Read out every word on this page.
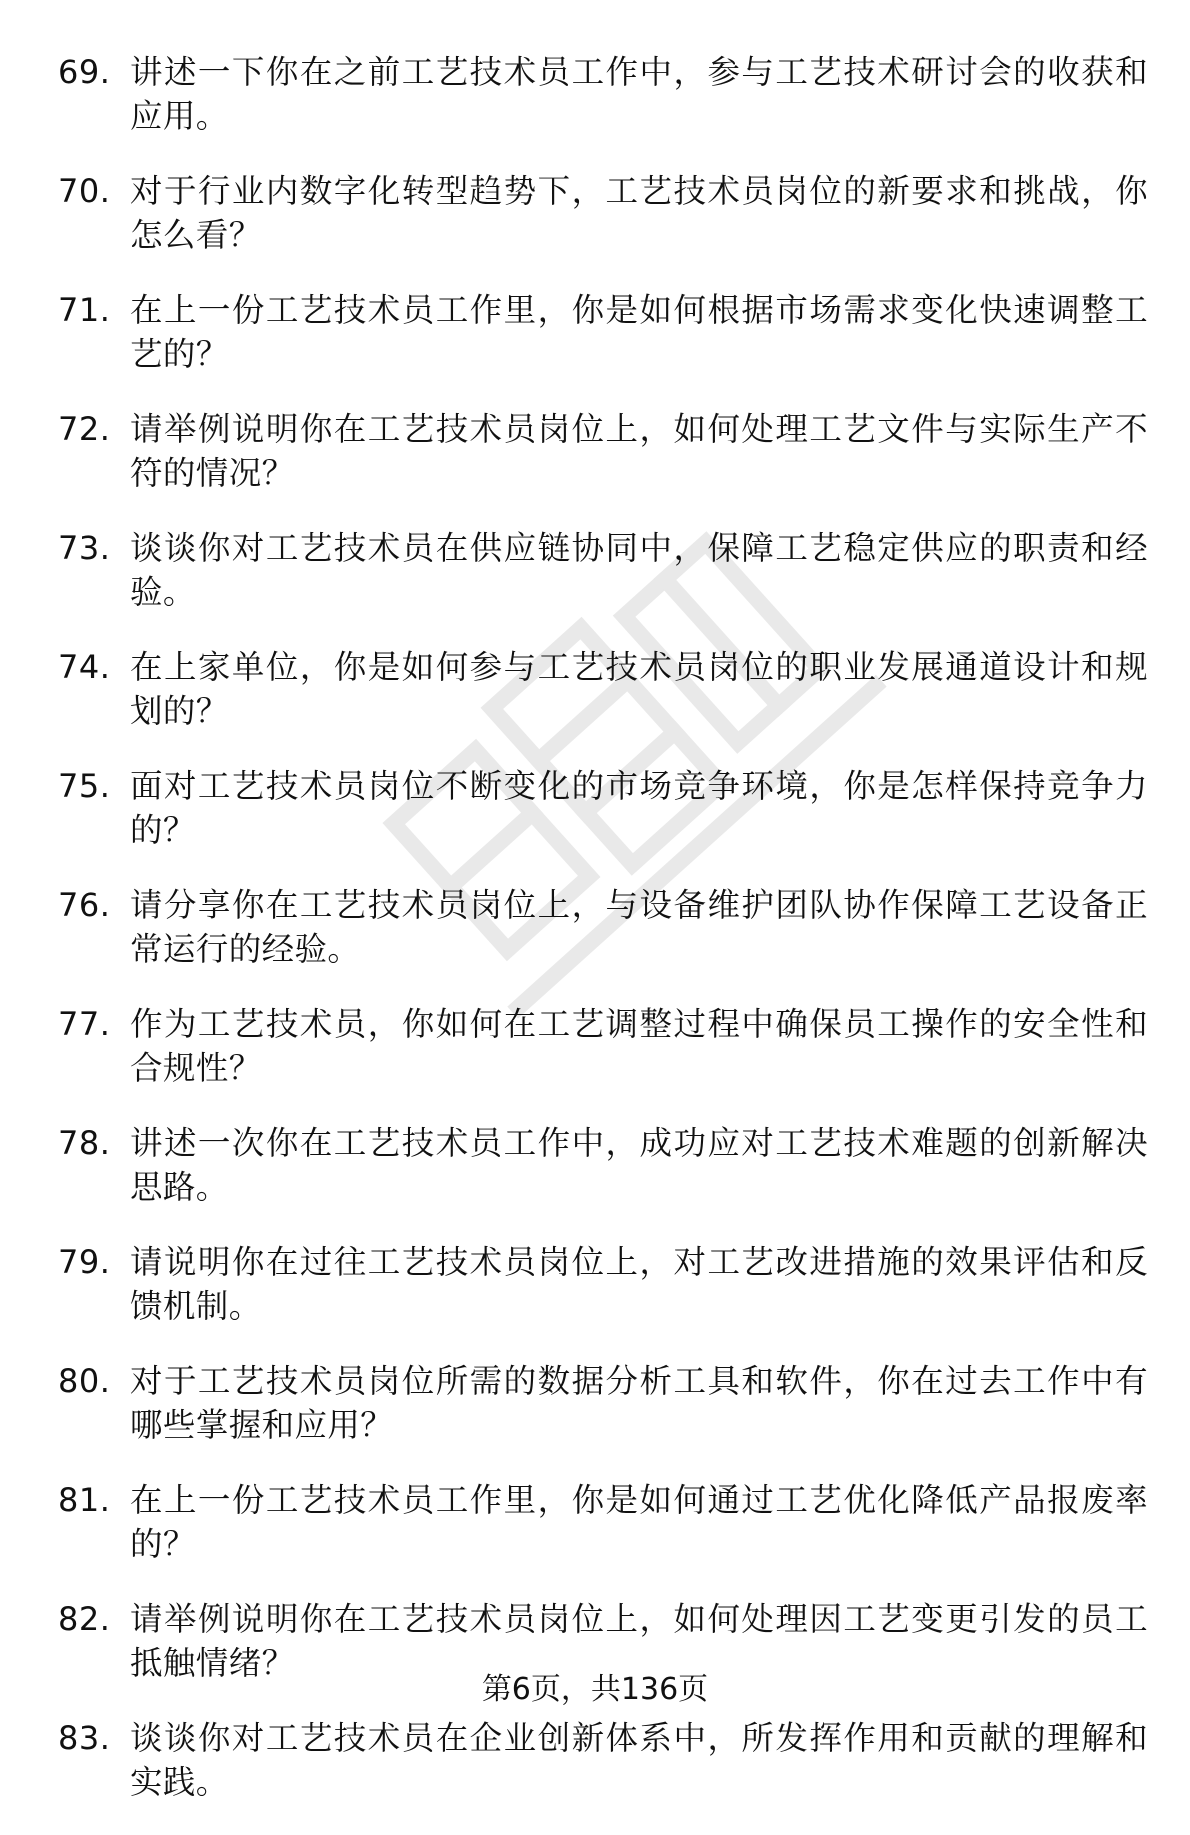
69. 讲述一下你在之前工艺技术员工作中，参与工艺技术研讨会的收获和应用。
70. 对于行业内数字化转型趋势下，工艺技术员岗位的新要求和挑战，你怎么看？
71. 在上一份工艺技术员工作里，你是如何根据市场需求变化快速调整工艺的？
72. 请举例说明你在工艺技术员岗位上，如何处理工艺文件与实际生产不符的情况？
73. 谈谈你对工艺技术员在供应链协同中，保障工艺稳定供应的职责和经验。
74. 在上家单位，你是如何参与工艺技术员岗位的职业发展通道设计和规划的？
75. 面对工艺技术员岗位不断变化的市场竞争环境，你是怎样保持竞争力的？
76. 请分享你在工艺技术员岗位上，与设备维护团队协作保障工艺设备正常运行的经验。
77. 作为工艺技术员，你如何在工艺调整过程中确保员工操作的安全性和合规性？
78. 讲述一次你在工艺技术员工作中，成功应对工艺技术难题的创新解决思路。
79. 请说明你在过往工艺技术员岗位上，对工艺改进措施的效果评估和反馈机制。
80. 对于工艺技术员岗位所需的数据分析工具和软件，你在过去工作中有哪些掌握和应用？
81. 在上一份工艺技术员工作里，你是如何通过工艺优化降低产品报废率的？
82. 请举例说明你在工艺技术员岗位上，如何处理因工艺变更引发的员工抵触情绪？
83. 谈谈你对工艺技术员在企业创新体系中，所发挥作用和贡献的理解和实践。
第6页，共136页
